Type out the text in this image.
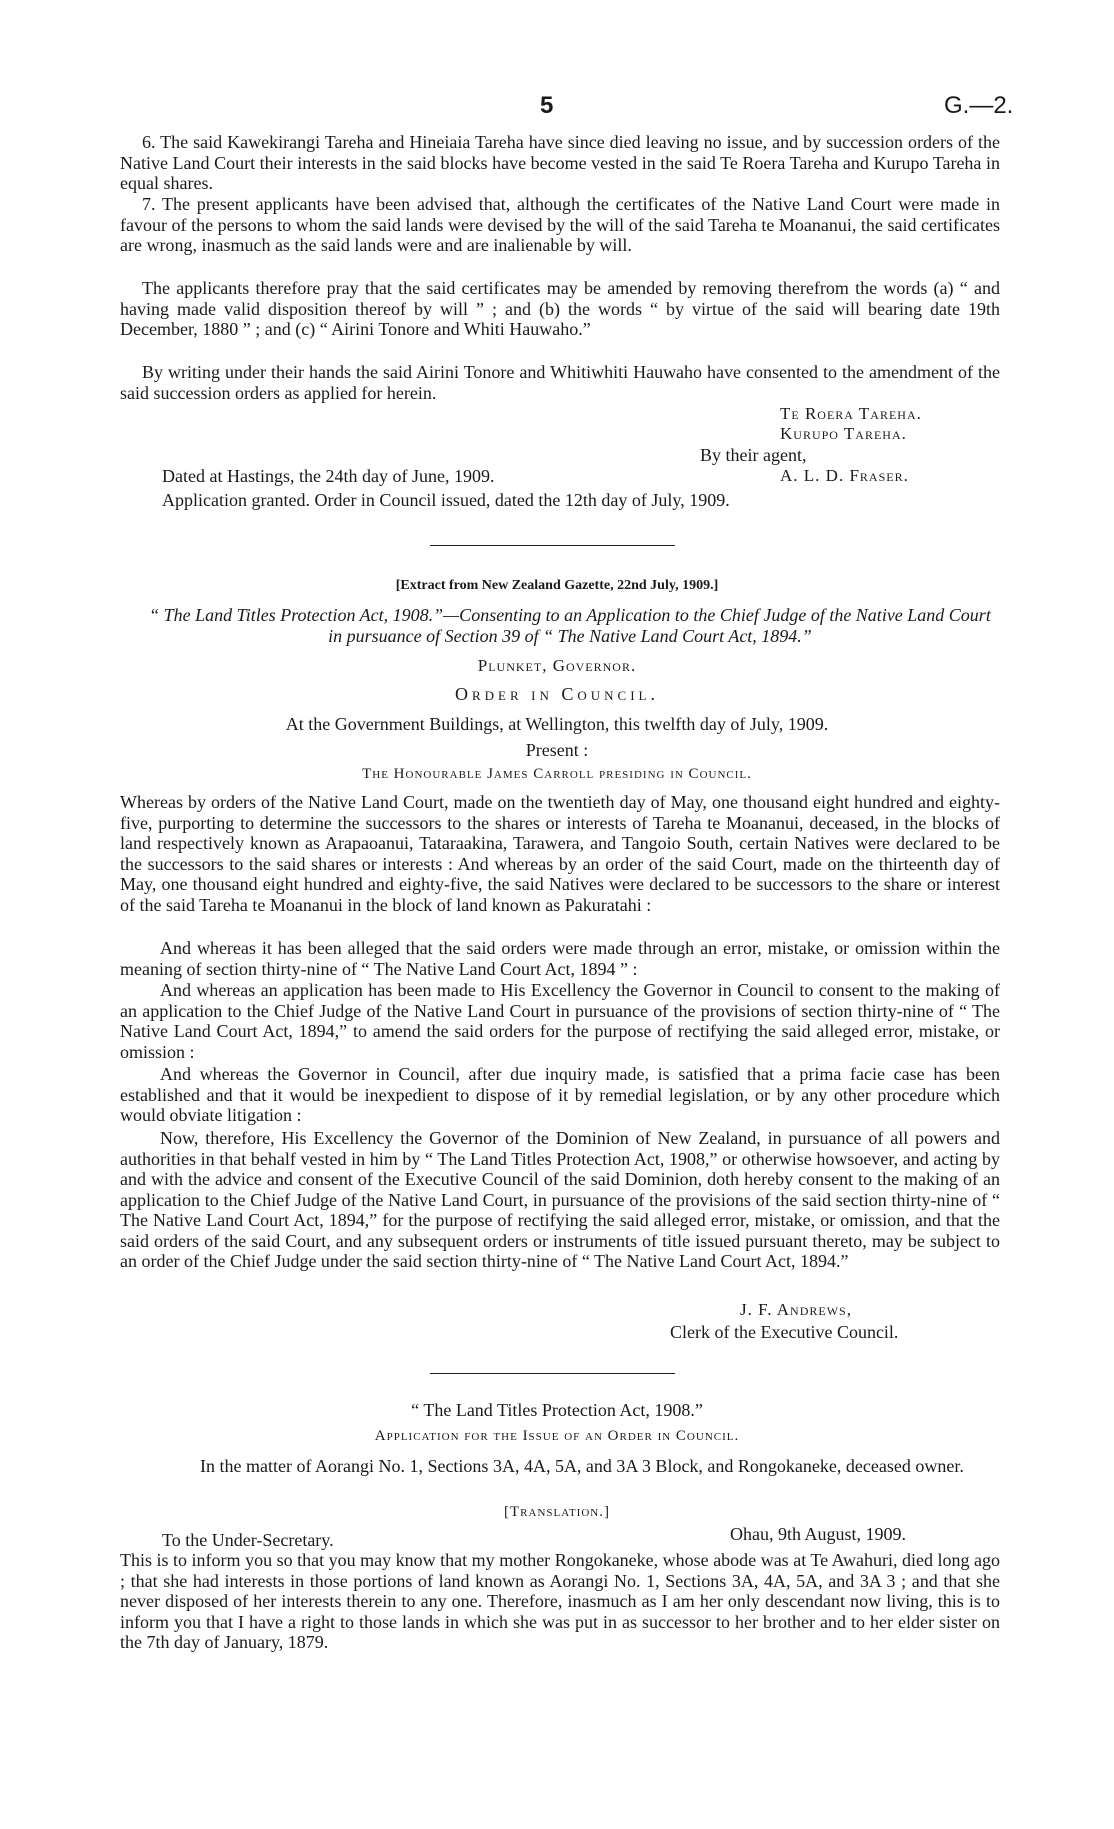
5	G.—2.
6. The said Kawekirangi Tareha and Hineiaia Tareha have since died leaving no issue, and by succession orders of the Native Land Court their interests in the said blocks have become vested in the said Te Roera Tareha and Kurupo Tareha in equal shares.
7. The present applicants have been advised that, although the certificates of the Native Land Court were made in favour of the persons to whom the said lands were devised by the will of the said Tareha te Moananui, the said certificates are wrong, inasmuch as the said lands were and are inalienable by will.
The applicants therefore pray that the said certificates may be amended by removing therefrom the words (a) “ and having made valid disposition thereof by will ” ; and (b) the words “ by virtue of the said will bearing date 19th December, 1880 ” ; and (c) “ Airini Tonore and Whiti Hauwaho.”
By writing under their hands the said Airini Tonore and Whitiwhiti Hauwaho have consented to the amendment of the said succession orders as applied for herein.
Te Roera Tareha.
Kurupo Tareha.
By their agent,
Dated at Hastings, the 24th day of June, 1909.	A. L. D. Fraser.
Application granted. Order in Council issued, dated the 12th day of July, 1909.
[Extract from New Zealand Gazette, 22nd July, 1909.]
“ The Land Titles Protection Act, 1908.”—Consenting to an Application to the Chief Judge of the Native Land Court in pursuance of Section 39 of “ The Native Land Court Act, 1894.”
Plunket, Governor.
Order in Council.
At the Government Buildings, at Wellington, this twelfth day of July, 1909.
Present :
The Honourable James Carroll presiding in Council.
Whereas by orders of the Native Land Court, made on the twentieth day of May, one thousand eight hundred and eighty-five, purporting to determine the successors to the shares or interests of Tareha te Moananui, deceased, in the blocks of land respectively known as Arapaoanui, Tataraakina, Tarawera, and Tangoio South, certain Natives were declared to be the successors to the said shares or interests : And whereas by an order of the said Court, made on the thirteenth day of May, one thousand eight hundred and eighty-five, the said Natives were declared to be successors to the share or interest of the said Tareha te Moananui in the block of land known as Pakuratahi :
And whereas it has been alleged that the said orders were made through an error, mistake, or omission within the meaning of section thirty-nine of “ The Native Land Court Act, 1894 ” :
And whereas an application has been made to His Excellency the Governor in Council to consent to the making of an application to the Chief Judge of the Native Land Court in pursuance of the provisions of section thirty-nine of “ The Native Land Court Act, 1894,” to amend the said orders for the purpose of rectifying the said alleged error, mistake, or omission :
And whereas the Governor in Council, after due inquiry made, is satisfied that a prima facie case has been established and that it would be inexpedient to dispose of it by remedial legislation, or by any other procedure which would obviate litigation :
Now, therefore, His Excellency the Governor of the Dominion of New Zealand, in pursuance of all powers and authorities in that behalf vested in him by “ The Land Titles Protection Act, 1908,” or otherwise howsoever, and acting by and with the advice and consent of the Executive Council of the said Dominion, doth hereby consent to the making of an application to the Chief Judge of the Native Land Court, in pursuance of the provisions of the said section thirty-nine of “ The Native Land Court Act, 1894,” for the purpose of rectifying the said alleged error, mistake, or omission, and that the said orders of the said Court, and any subsequent orders or instruments of title issued pursuant thereto, may be subject to an order of the Chief Judge under the said section thirty-nine of “ The Native Land Court Act, 1894.”
J. F. Andrews,
Clerk of the Executive Council.
“ The Land Titles Protection Act, 1908.”
Application for the Issue of an Order in Council.
In the matter of Aorangi No. 1, Sections 3A, 4A, 5A, and 3A 3 Block, and Rongokaneke, deceased owner.
[Translation.]
To the Under-Secretary.	Ohau, 9th August, 1909.
This is to inform you so that you may know that my mother Rongokaneke, whose abode was at Te Awahuri, died long ago ; that she had interests in those portions of land known as Aorangi No. 1, Sections 3A, 4A, 5A, and 3A 3 ; and that she never disposed of her interests therein to any one. Therefore, inasmuch as I am her only descendant now living, this is to inform you that I have a right to those lands in which she was put in as successor to her brother and to her elder sister on the 7th day of January, 1879.
